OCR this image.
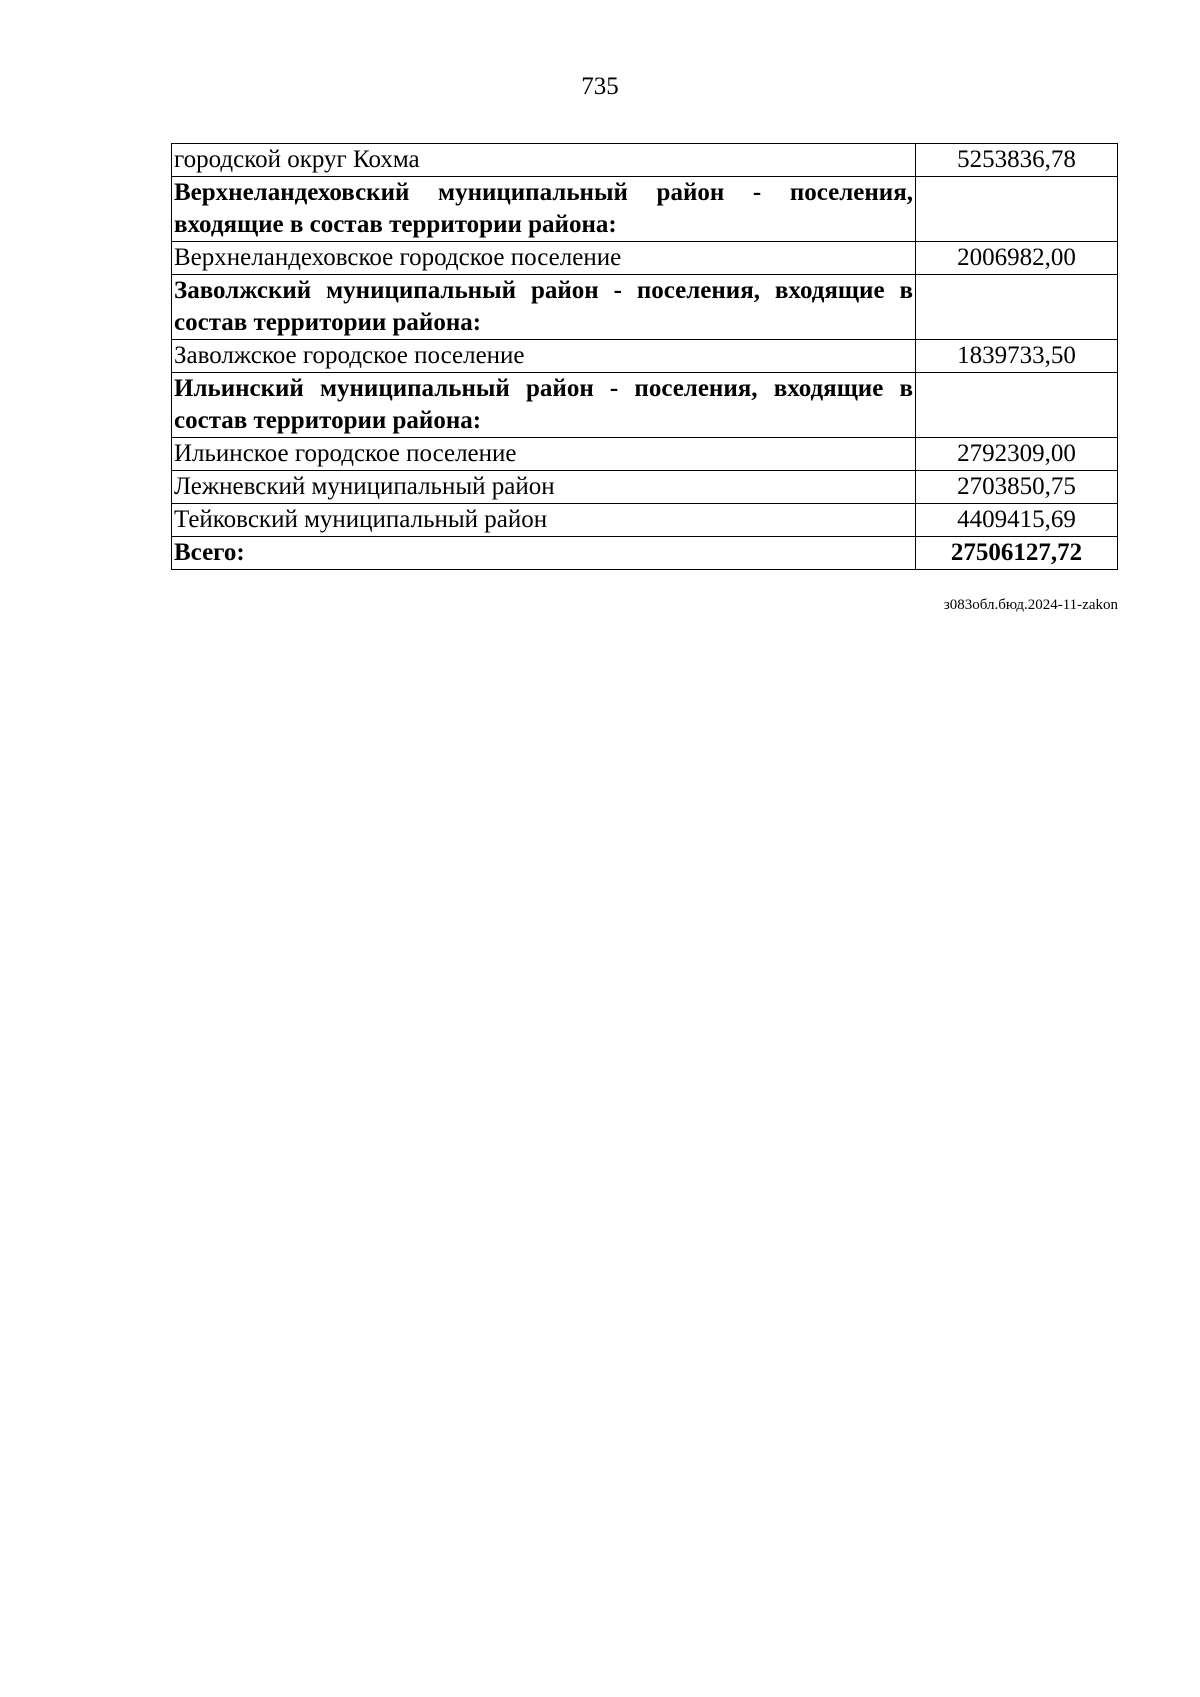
735
городской округ Кохма	5253836,78
Верхнеландеховский муниципальный район - поселения, входящие в состав территории района:	
Верхнеландеховское городское поселение	2006982,00
Заволжский муниципальный район - поселения, входящие в состав территории района:	
Заволжское городское поселение	1839733,50
Ильинский муниципальный район - поселения, входящие в состав территории района:	
Ильинское городское поселение	2792309,00
Лежневский муниципальный район	2703850,75
Тейковский муниципальный район	4409415,69
Всего:	27506127,72
з083обл.бюд.2024-11-zakon
